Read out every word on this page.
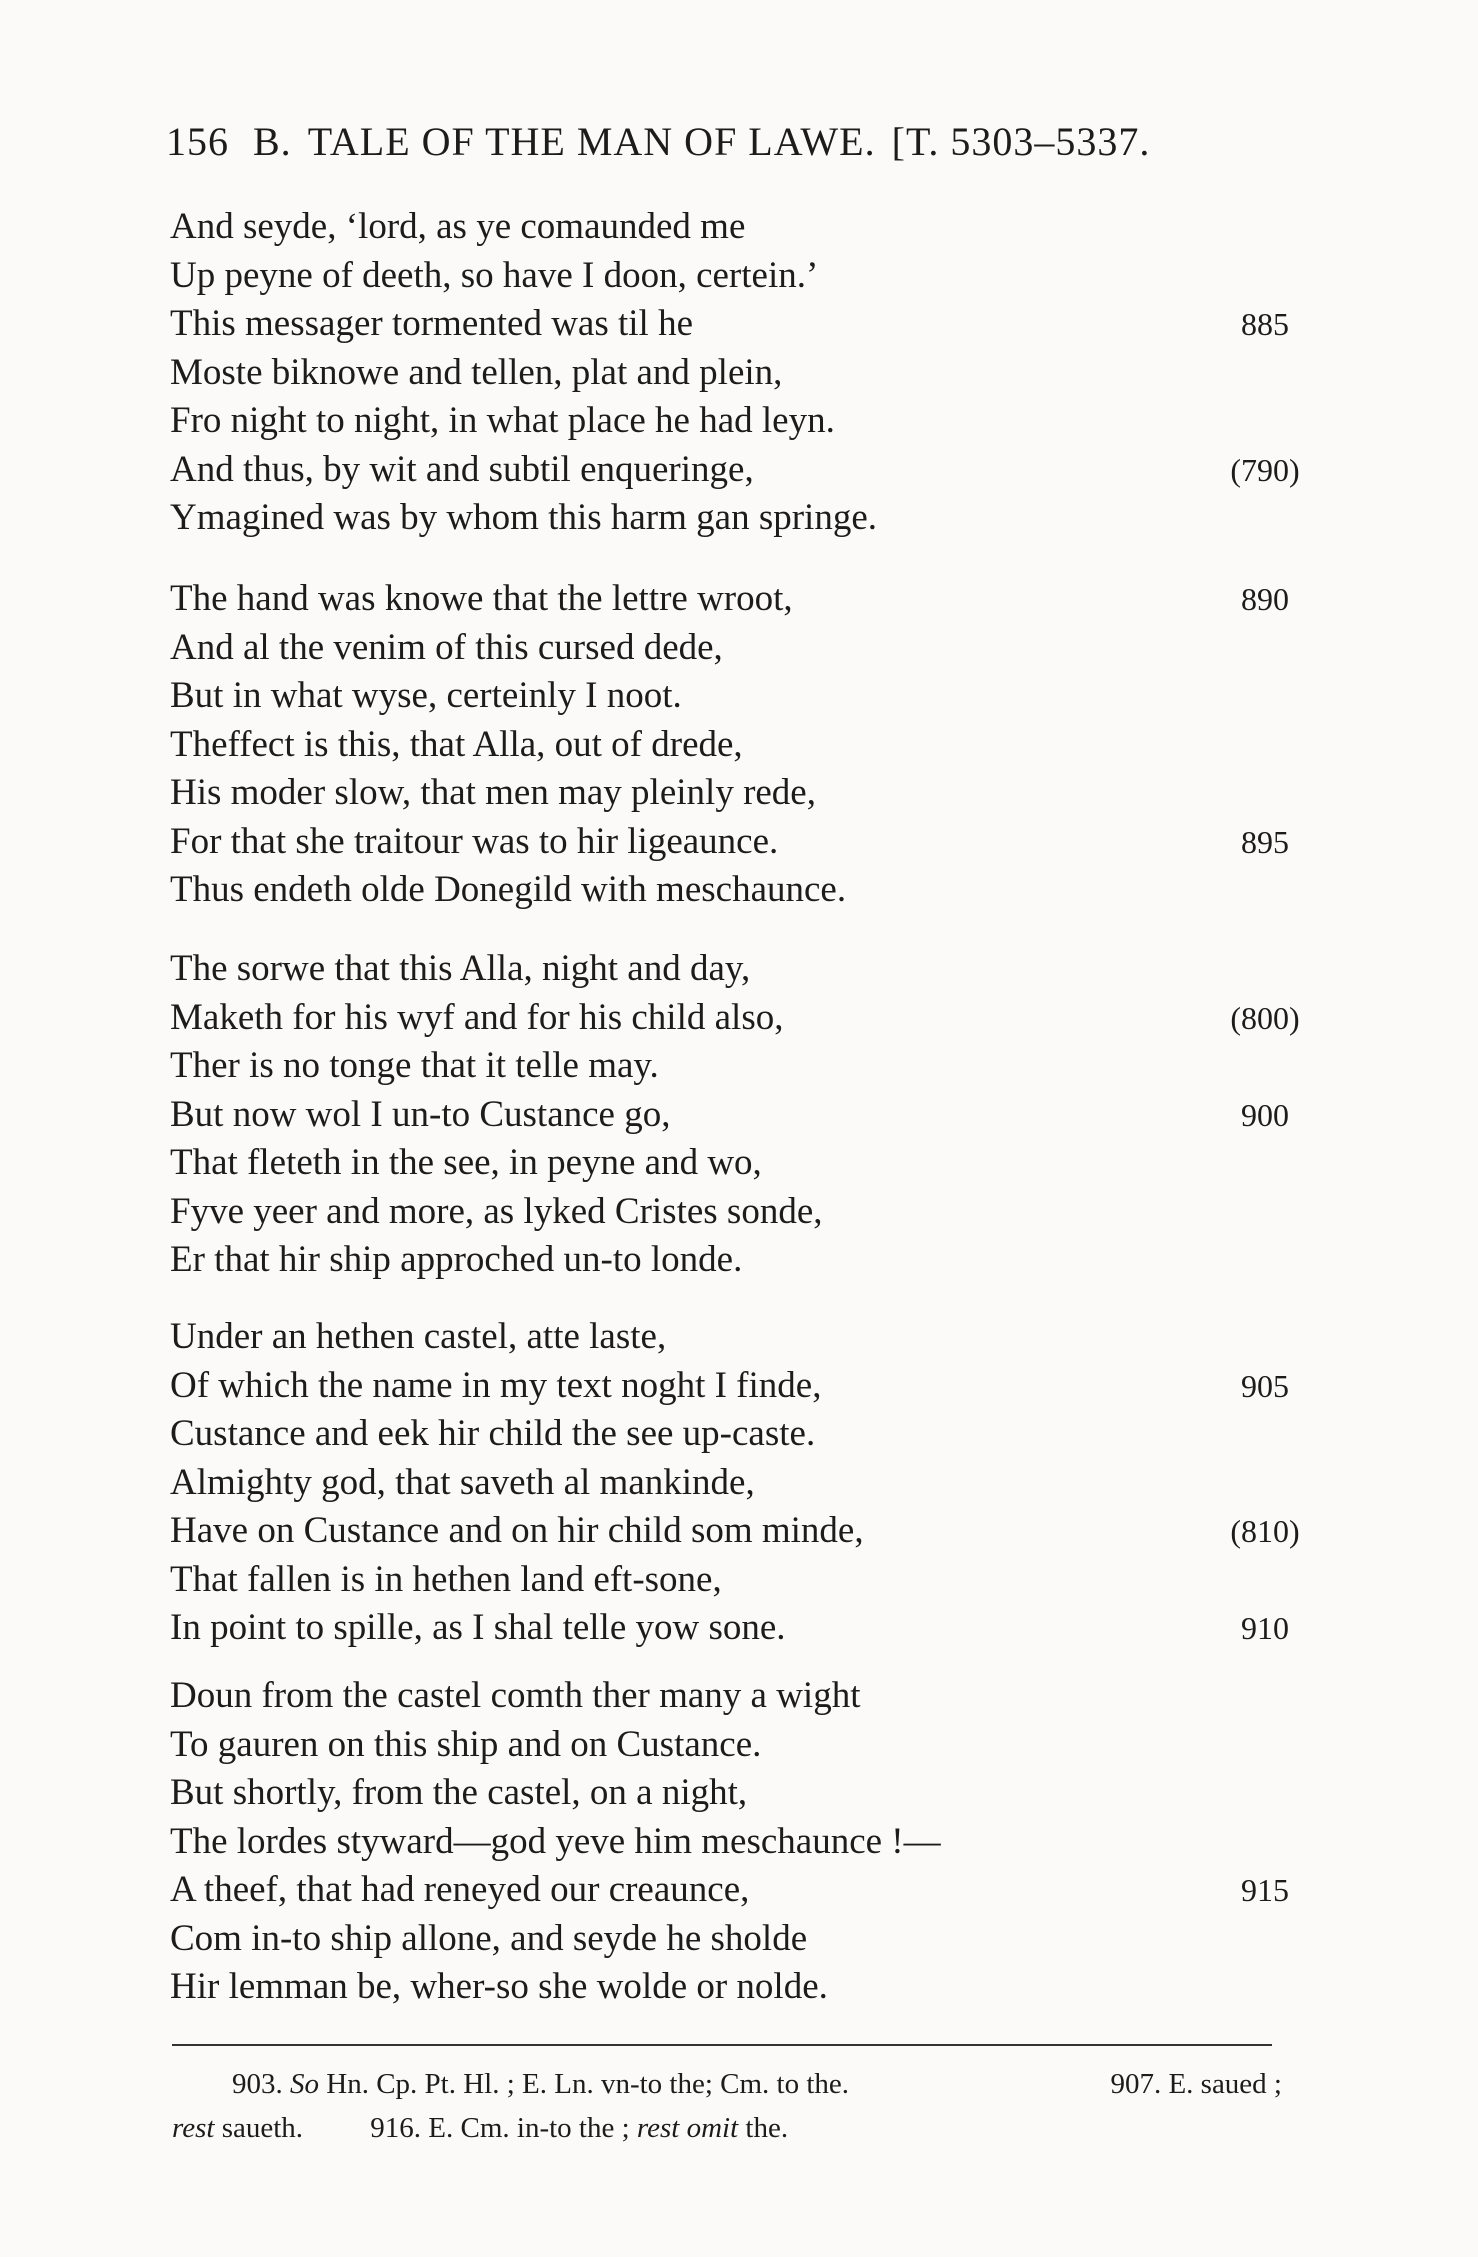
156 B. TALE OF THE MAN OF LAWE. [T. 5303–5337.
And seyde, ‘lord, as ye comaunded me
Up peyne of deeth, so have I doon, certein.’
This messager tormented was til he	885
Moste biknowe and tellen, plat and plein,
Fro night to night, in what place he had leyn.
And thus, by wit and subtil enqueringe,	(790)
Ymagined was by whom this harm gan springe.
The hand was knowe that the lettre wroot,	890
And al the venim of this cursed dede,
But in what wyse, certeinly I noot.
Theffect is this, that Alla, out of drede,
His moder slow, that men may pleinly rede,
For that she traitour was to hir ligeaunce.	895
Thus endeth olde Donegild with meschaunce.
The sorwe that this Alla, night and day,
Maketh for his wyf and for his child also,	(800)
Ther is no tonge that it telle may.
But now wol I un-to Custance go,	900
That fleteth in the see, in peyne and wo,
Fyve yeer and more, as lyked Cristes sonde,
Er that hir ship approched un-to londe.
Under an hethen castel, atte laste,
Of which the name in my text noght I finde,	905
Custance and eek hir child the see up-caste.
Almighty god, that saveth al mankinde,
Have on Custance and on hir child som minde,	(810)
That fallen is in hethen land eft-sone,
In point to spille, as I shal telle yow sone.	910
Doun from the castel comth ther many a wight
To gauren on this ship and on Custance.
But shortly, from the castel, on a night,
The lordes styward—god yeve him meschaunce !—
A theef, that had reneyed our creaunce,	915
Com in-to ship allone, and seyde he sholde
Hir lemman be, wher-so she wolde or nolde.
903. So Hn. Cp. Pt. Hl. ; E. Ln. vn-to the; Cm. to the.	907. E. saued ;
rest saueth. 916. E. Cm. in-to the ; rest omit the.
